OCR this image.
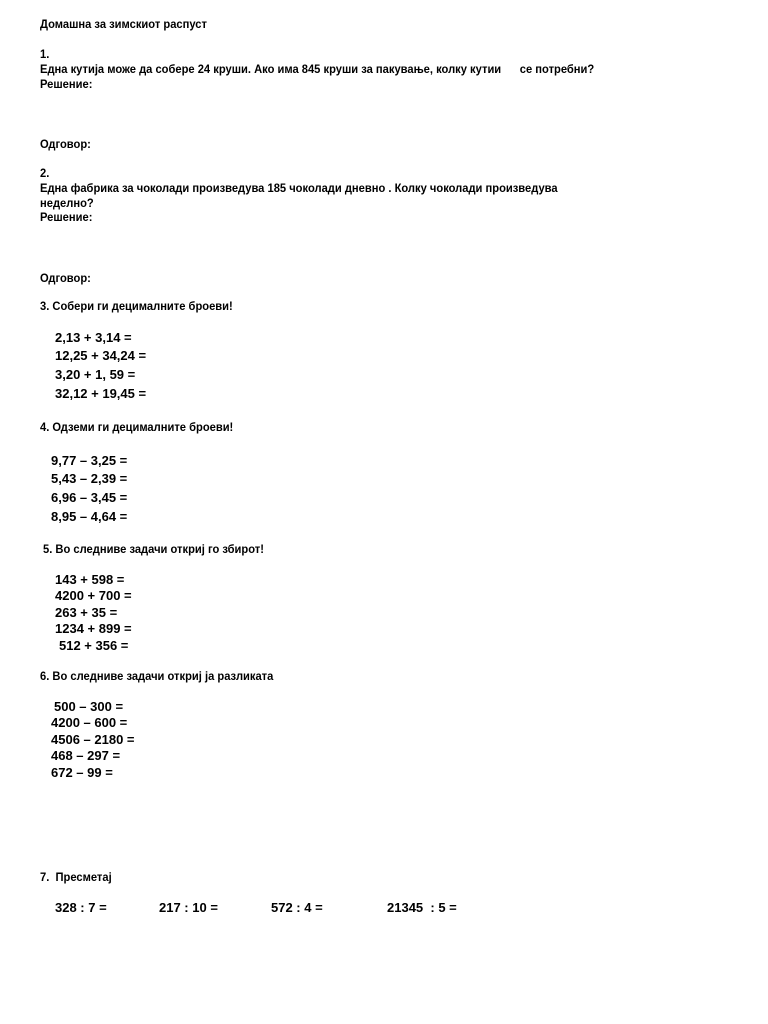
Домашна за зимскиот распуст
1.
Една кутија може да собере 24 круши. Ако има 845 круши за пакување, колку кутии      се потребни?
Решение:
Одговор:
2.
Една фабрика за чоколади произведува 185 чоколади дневно . Колку чоколади произведува
неделно?
Решение:
Одговор:
3. Собери ги децималните броеви!
2,13 + 3,14 =
12,25 + 34,24 =
3,20 + 1, 59 =
32,12 + 19,45 =
4. Одземи ги децималните броеви!
9,77 – 3,25 =
5,43 – 2,39 =
6,96 – 3,45 =
8,95 – 4,64 =
5. Во следниве задачи откриј го збирот!
143 + 598 =
4200 + 700 =
263 + 35 =
1234 + 899 =
512 + 356 =
6. Во следниве задачи откриј ја разликата
500 – 300 =
4200 – 600 =
4506 – 2180 =
468 – 297 =
672 – 99 =
7.  Пресметај
328 : 7 =	217 : 10 =	572 : 4 =	21345  : 5 =
